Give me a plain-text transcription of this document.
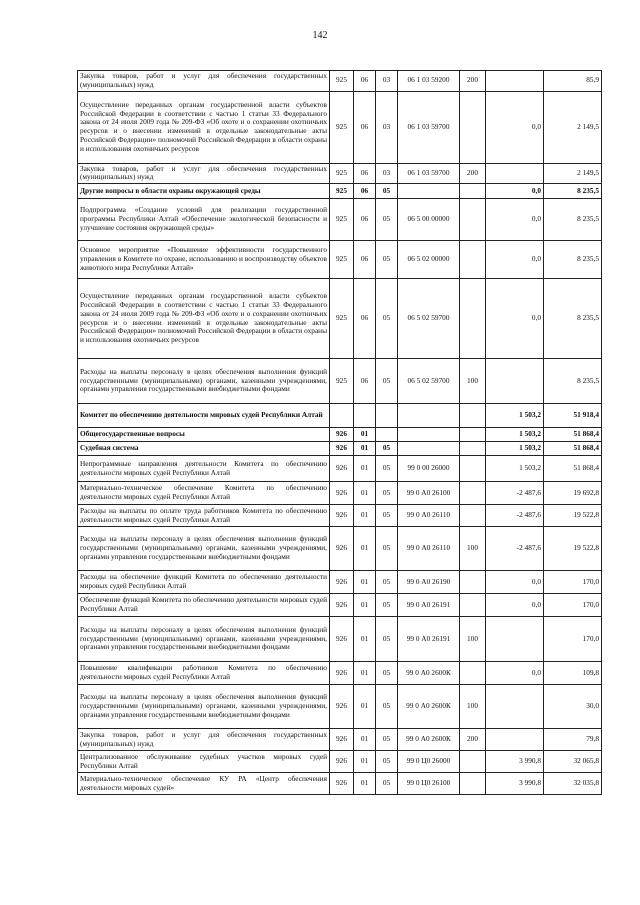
142
Закупка товаров, работ и услуг для обеспечения государственных (муниципальных) нужд	925	06	03	06 1 03 59200	200		85,9
Осуществление переданных органам государственной власти субъектов Российской Федерации в соответствии с частью 1 статьи 33 Федерального закона от 24 июля 2009 года № 209-ФЗ «Об охоте и о сохранении охотничьих ресурсов и о внесении изменений в отдельные законодательные акты Российской Федерации» полномочий Российской Федерации в области охраны и использования охотничьих ресурсов	925	06	03	06 1 03 59700		0,0	2 149,5
Закупка товаров, работ и услуг для обеспечения государственных (муниципальных) нужд	925	06	03	06 1 03 59700	200		2 149,5
Другие вопросы в области охраны окружающей среды	925	06	05			0,0	8 235,5
Подпрограмма «Создание условий для реализации государственной программы Республики Алтай «Обеспечение экологической безопасности и улучшение состояния окружающей среды»	925	06	05	06 5 00 00000		0,0	8 235,5
Основное мероприятие «Повышение эффективности государственного управления в Комитете по охране, использованию и воспроизводству объектов животного мира Республики Алтай»	925	06	05	06 5 02 00000		0,0	8 235,5
Осуществление переданных органам государственной власти субъектов Российской Федерации в соответствии с частью 1 статьи 33 Федерального закона от 24 июля 2009 года № 209-ФЗ «Об охоте и о сохранении охотничьих ресурсов и о внесении изменений в отдельные законодательные акты Российской Федерации» полномочий Российской Федерации в области охраны и использования охотничьих ресурсов	925	06	05	06 5 02 59700		0,0	8 235,5
Расходы на выплаты персоналу в целях обеспечения выполнения функций государственными (муниципальными) органами, казенными учреждениями, органами управления государственными внебюджетными фондами	925	06	05	06 5 02 59700	100		8 235,5
Комитет по обеспечению деятельности мировых судей Республики Алтай						1 503,2	51 918,4
Общегосударственные вопросы	926	01				1 503,2	51 868,4
Судебная система	926	01	05			1 503,2	51 868,4
Непрограммные направления деятельности Комитета по обеспечению деятельности мировых судей Республики Алтай	926	01	05	99 0 00 26000		1 503,2	51 868,4
Материально-техническое обеспечение Комитета по обеспечению деятельности мировых судей Республики Алтай	926	01	05	99 0 А0 26100		-2 487,6	19 692,8
Расходы на выплаты по оплате труда работников Комитета по обеспечению деятельности мировых судей Республики Алтай	926	01	05	99 0 А0 26110		-2 487,6	19 522,8
Расходы на выплаты персоналу в целях обеспечения выполнения функций государственными (муниципальными) органами, казенными учреждениями, органами управления государственными внебюджетными фондами	926	01	05	99 0 А0 26110	100	-2 487,6	19 522,8
Расходы на обеспечение функций Комитета по обеспечению деятельности мировых судей Республики Алтай	926	01	05	99 0 А0 26190		0,0	170,0
Обеспечение функций Комитета по обеспечению деятельности мировых судей Республики Алтай	926	01	05	99 0 А0 26191		0,0	170,0
Расходы на выплаты персоналу в целях обеспечения выполнения функций государственными (муниципальными) органами, казенными учреждениями, органами управления государственными внебюджетными фондами	926	01	05	99 0 А0 26191	100		170,0
Повышение квалификации работников Комитета по обеспечению деятельности мировых судей Республики Алтай	926	01	05	99 0 А0 2600К		0,0	109,8
Расходы на выплаты персоналу в целях обеспечения выполнения функций государственными (муниципальными) органами, казенными учреждениями, органами управления государственными внебюджетными фондами	926	01	05	99 0 А0 2600К	100		30,0
Закупка товаров, работ и услуг для обеспечения государственных (муниципальных) нужд	926	01	05	99 0 А0 2600К	200		79,8
Централизованное обслуживание судебных участков мировых судей Республики Алтай	926	01	05	99 0 Ц0 26000		3 990,8	32 065,8
Материально-техническое обеспечение КУ РА «Центр обеспечения деятельности мировых судей»	926	01	05	99 0 Ц0 26100		3 990,8	32 035,8
